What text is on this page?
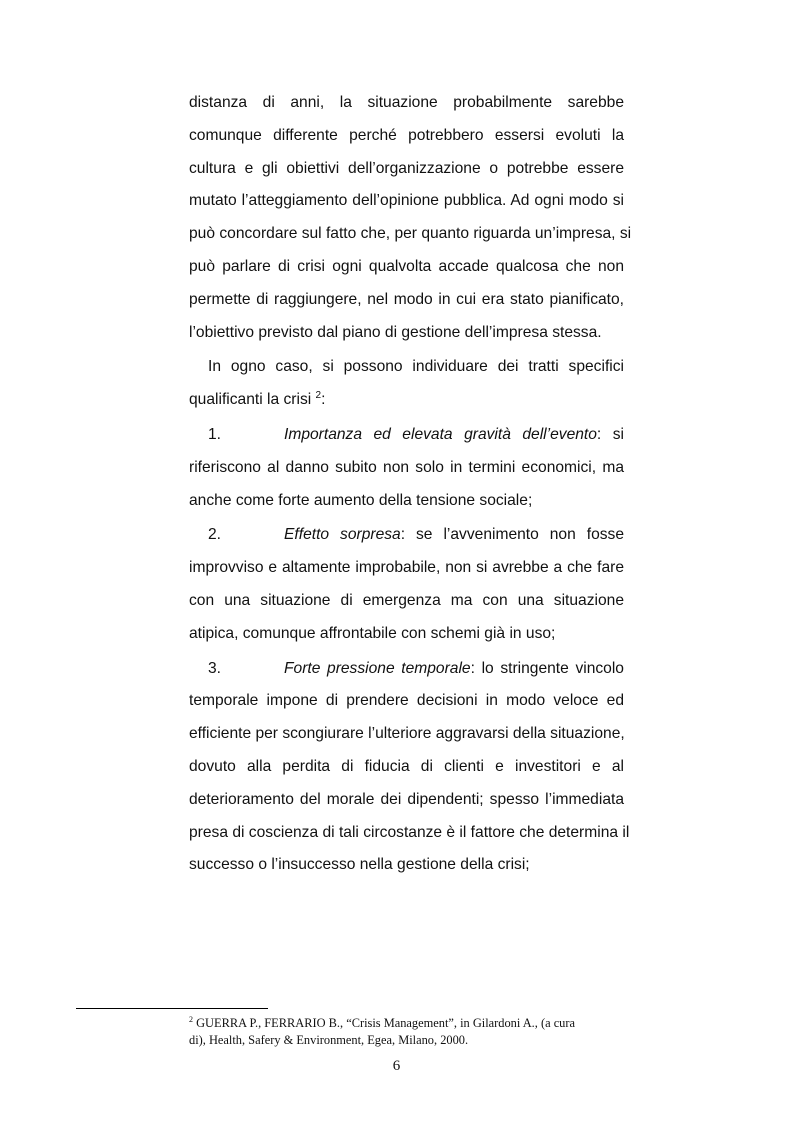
distanza di anni, la situazione probabilmente sarebbe
comunque differente perché potrebbero essersi evoluti la
cultura e gli obiettivi dell’organizzazione o potrebbe essere
mutato l’atteggiamento dell’opinione pubblica. Ad ogni modo si
può concordare sul fatto che, per quanto riguarda un’impresa, si
può parlare di crisi ogni qualvolta accade qualcosa che non
permette di raggiungere, nel modo in cui era stato pianificato,
l’obiettivo previsto dal piano di gestione dell’impresa stessa.

In ogno caso, si possono individuare dei tratti specifici
qualificanti la crisi $^2$:

1.	Importanza ed elevata gravità dell’evento: si
riferiscono al danno subito non solo in termini economici, ma
anche come forte aumento della tensione sociale;
2.	Effetto sorpresa: se l’avvenimento non fosse
improvviso e altamente improbabile, non si avrebbe a che fare
con una situazione di emergenza ma con una situazione
atipica, comunque affrontabile con schemi già in uso;
3.	Forte pressione temporale: lo stringente vincolo
temporale impone di prendere decisioni in modo veloce ed
efficiente per scongiurare l’ulteriore aggravarsi della situazione,
dovuto alla perdita di fiducia di clienti e investitori e al
deterioramento del morale dei dipendenti; spesso l’immediata
presa di coscienza di tali circostanze è il fattore che determina il
successo o l’insuccesso nella gestione della crisi;
$^2$ GUERRA P., FERRARIO B., “Crisis Management”, in Gilardoni A., (a cura
di), Health, Safery & Environment, Egea, Milano, 2000.
6
